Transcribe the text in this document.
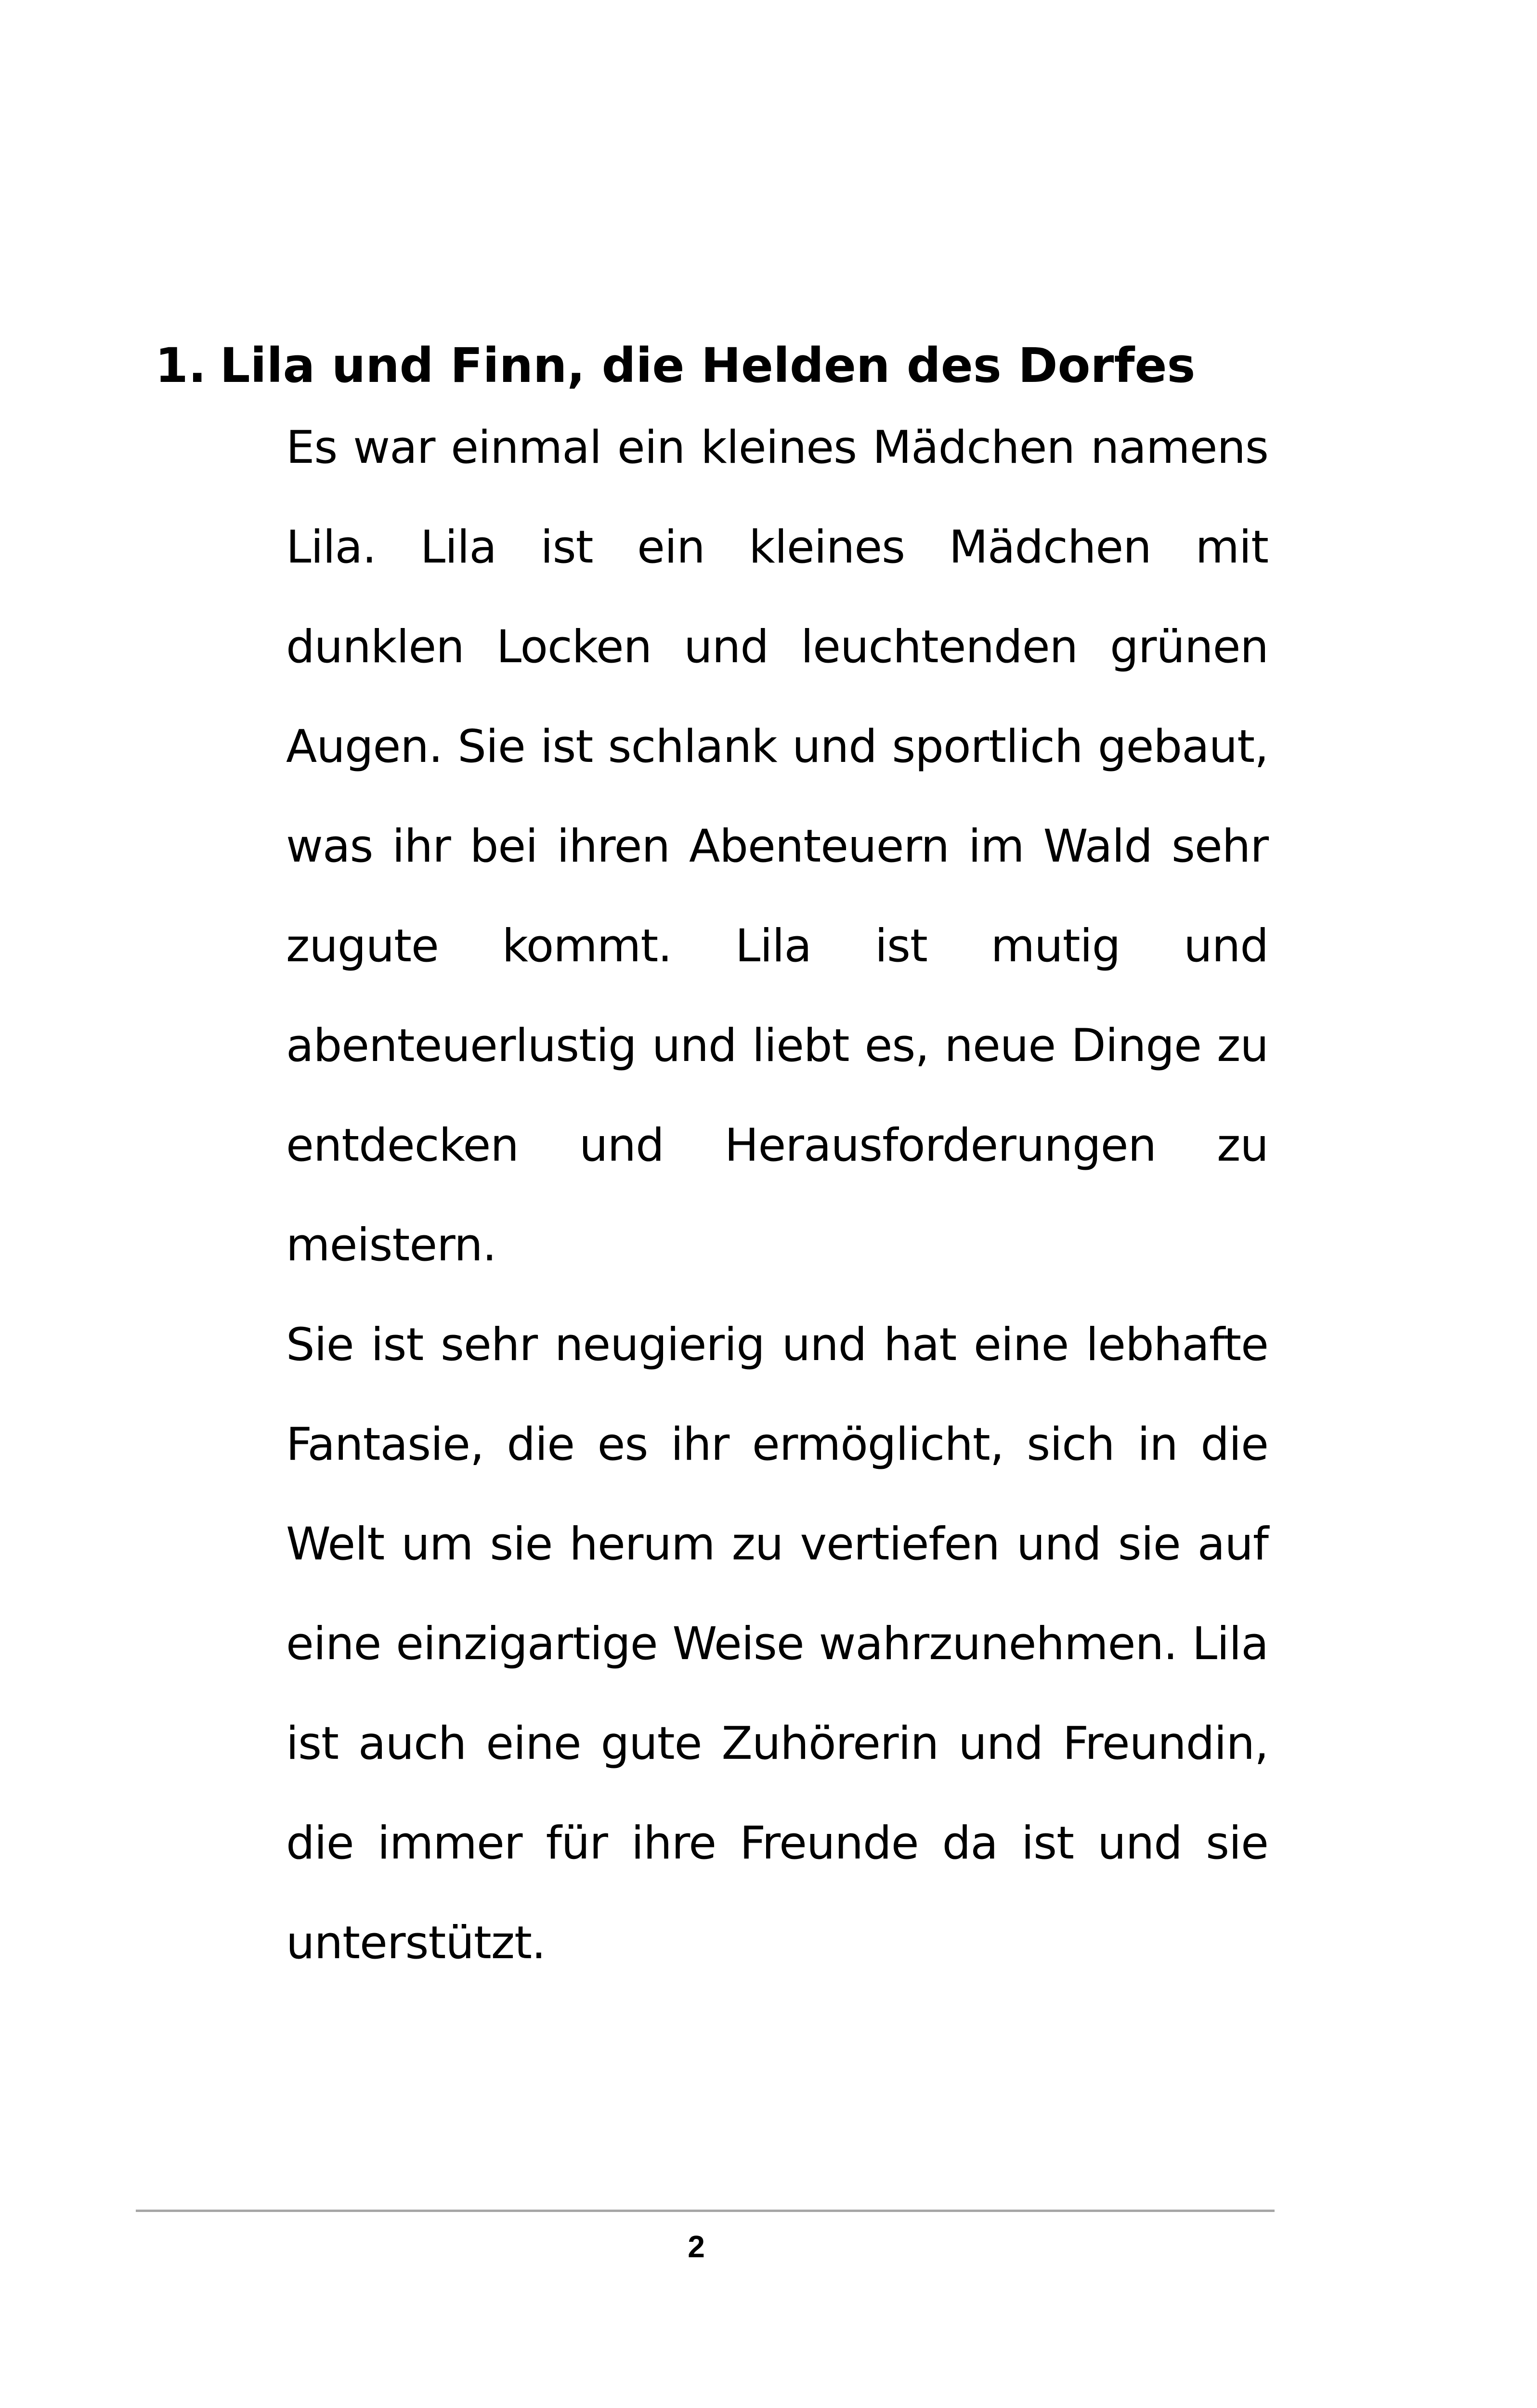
1. Lila und Finn, die Helden des Dorfes

Es war einmal ein kleines Mädchen namens Lila. Lila ist ein kleines Mädchen mit dunklen Locken und leuchtenden grünen Augen. Sie ist schlank und sportlich gebaut, was ihr bei ihren Abenteuern im Wald sehr zugute kommt. Lila ist mutig und abenteuerlustig und liebt es, neue Dinge zu entdecken und Herausforderungen zu meistern.

Sie ist sehr neugierig und hat eine lebhafte Fantasie, die es ihr ermöglicht, sich in die Welt um sie herum zu vertiefen und sie auf eine einzigartige Weise wahrzunehmen. Lila ist auch eine gute Zuhörerin und Freundin, die immer für ihre Freunde da ist und sie unterstützt.

2
